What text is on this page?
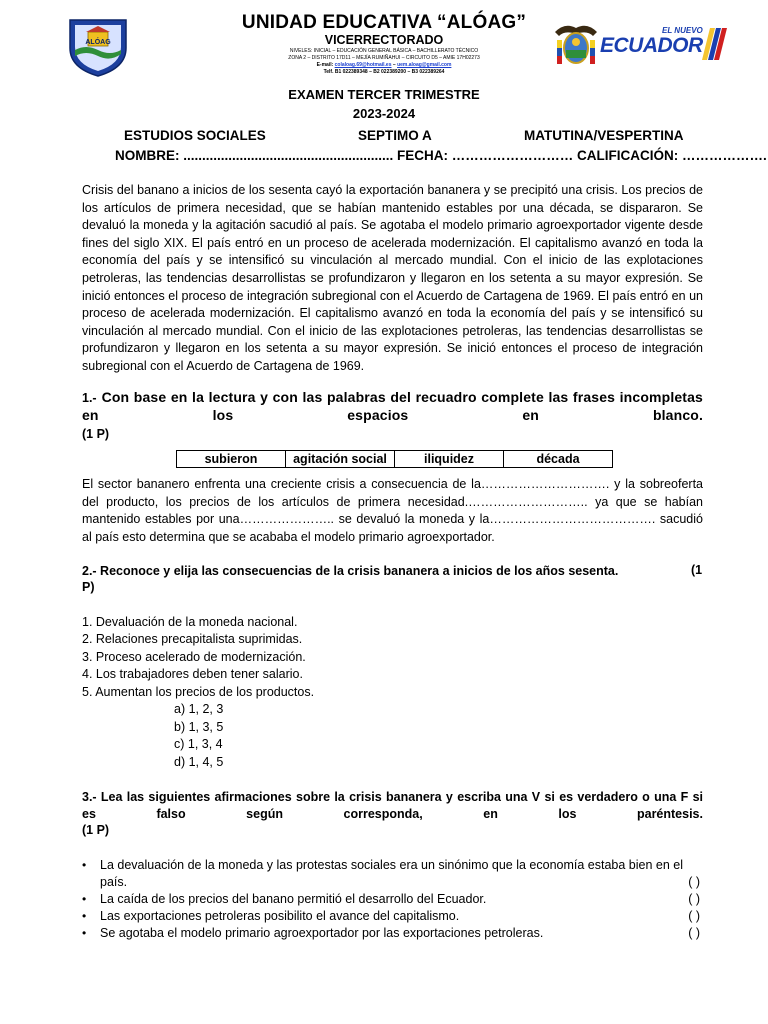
ALÓAG
EL NUEVO
ECUADOR
UNIDAD EDUCATIVA “ALÓAG”
VICERRECTORADO
NIVELES: INICIAL – EDUCACIÓN GENERAL BÁSICA – BACHILLERATO TÉCNICO
ZONA 2 – DISTRITO 17D11 – MEJÍA RUMIÑAHUI – CIRCUITO D5 – AMIE 17H02273
E-mail: colaloag.69@hotmail.es – uem.aloag@gmail.com
Telf. B1 022389348 – B2 022389200 – B3 022389264
EXAMEN TERCER TRIMESTRE
2023-2024
ESTUDIOS SOCIALES	SEPTIMO A	MATUTINA/VESPERTINA
NOMBRE: ........................................................ FECHA: ……………………… CALIFICACIÓN: ……………….

Crisis del banano a inicios de los sesenta cayó la exportación bananera y se precipitó una crisis. Los precios de los artículos de primera necesidad, que se habían mantenido estables por una década, se dispararon. Se devaluó la moneda y la agitación sacudió al país. Se agotaba el modelo primario agroexportador vigente desde fines del siglo XIX. El país entró en un proceso de acelerada modernización. El capitalismo avanzó en toda la economía del país y se intensificó su vinculación al mercado mundial. Con el inicio de las explotaciones petroleras, las tendencias desarrollistas se profundizaron y llegaron en los setenta a su mayor expresión. Se inició entonces el proceso de integración subregional con el Acuerdo de Cartagena de 1969. El país entró en un proceso de acelerada modernización. El capitalismo avanzó en toda la economía del país y se intensificó su vinculación al mercado mundial. Con el inicio de las explotaciones petroleras, las tendencias desarrollistas se profundizaron y llegaron en los setenta a su mayor expresión. Se inició entonces el proceso de integración subregional con el Acuerdo de Cartagena de 1969.

1.- Con base en la lectura y con las palabras del recuadro complete las frases incompletas en los espacios en blanco.
(1 P)
subieron	agitación social	iliquidez	década

El sector bananero enfrenta una creciente crisis a consecuencia de la…………………………. y la sobreoferta del producto, los precios de los artículos de primera necesidad.……………………….. ya que se habían mantenido estables por una………………….. se devaluó la moneda y la…………………………………. sacudió al país esto determina que se acababa el modelo primario agroexportador.

2.- Reconoce y elija las consecuencias de la crisis bananera a inicios de los años sesenta.	(1
P)
1. Devaluación de la moneda nacional.
2. Relaciones precapitalista suprimidas.
3. Proceso acelerado de modernización.
4. Los trabajadores deben tener salario.
5. Aumentan los precios de los productos.
a) 1, 2, 3
b) 1, 3, 5
c) 1, 3, 4
d) 1, 4, 5
3.- Lea las siguientes afirmaciones sobre la crisis bananera y escriba una V si es verdadero o una F si es falso según corresponda, en los paréntesis.
(1 P)
• La devaluación de la moneda y las protestas sociales era un sinónimo que la economía estaba bien en el país.	( )
• La caída de los precios del banano permitió el desarrollo del Ecuador.	( )
• Las exportaciones petroleras posibilito el avance del capitalismo.	( )
• Se agotaba el modelo primario agroexportador por las exportaciones petroleras.	( )
